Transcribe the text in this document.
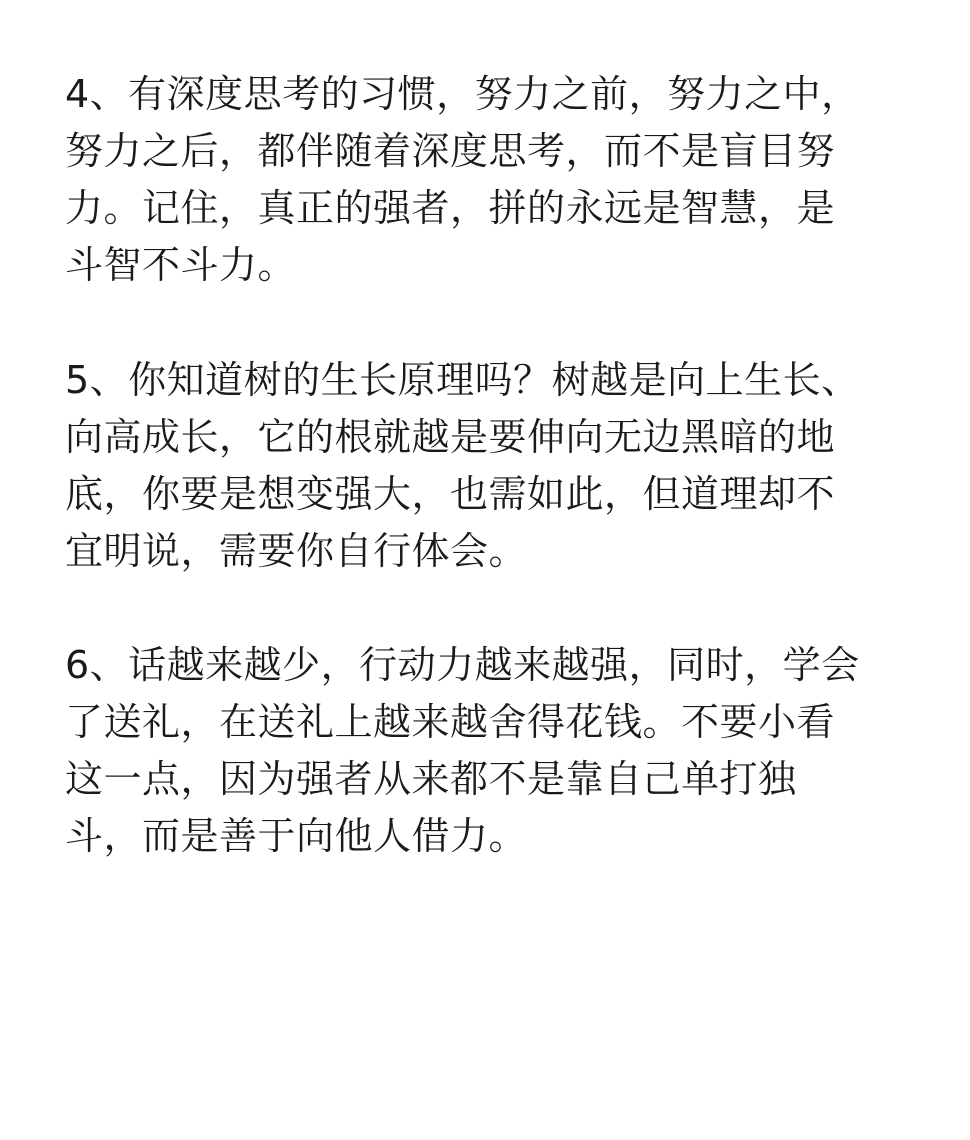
4、有深度思考的习惯，努力之前，努力之中，
努力之后，都伴随着深度思考，而不是盲目努
力。记住，真正的强者，拼的永远是智慧，是
斗智不斗力。
5、你知道树的生长原理吗？树越是向上生长、
向高成长，它的根就越是要伸向无边黑暗的地
底，你要是想变强大，也需如此，但道理却不
宜明说，需要你自行体会。
6、话越来越少，行动力越来越强，同时，学会
了送礼，在送礼上越来越舍得花钱。不要小看
这一点，因为强者从来都不是靠自己单打独
斗，而是善于向他人借力。
